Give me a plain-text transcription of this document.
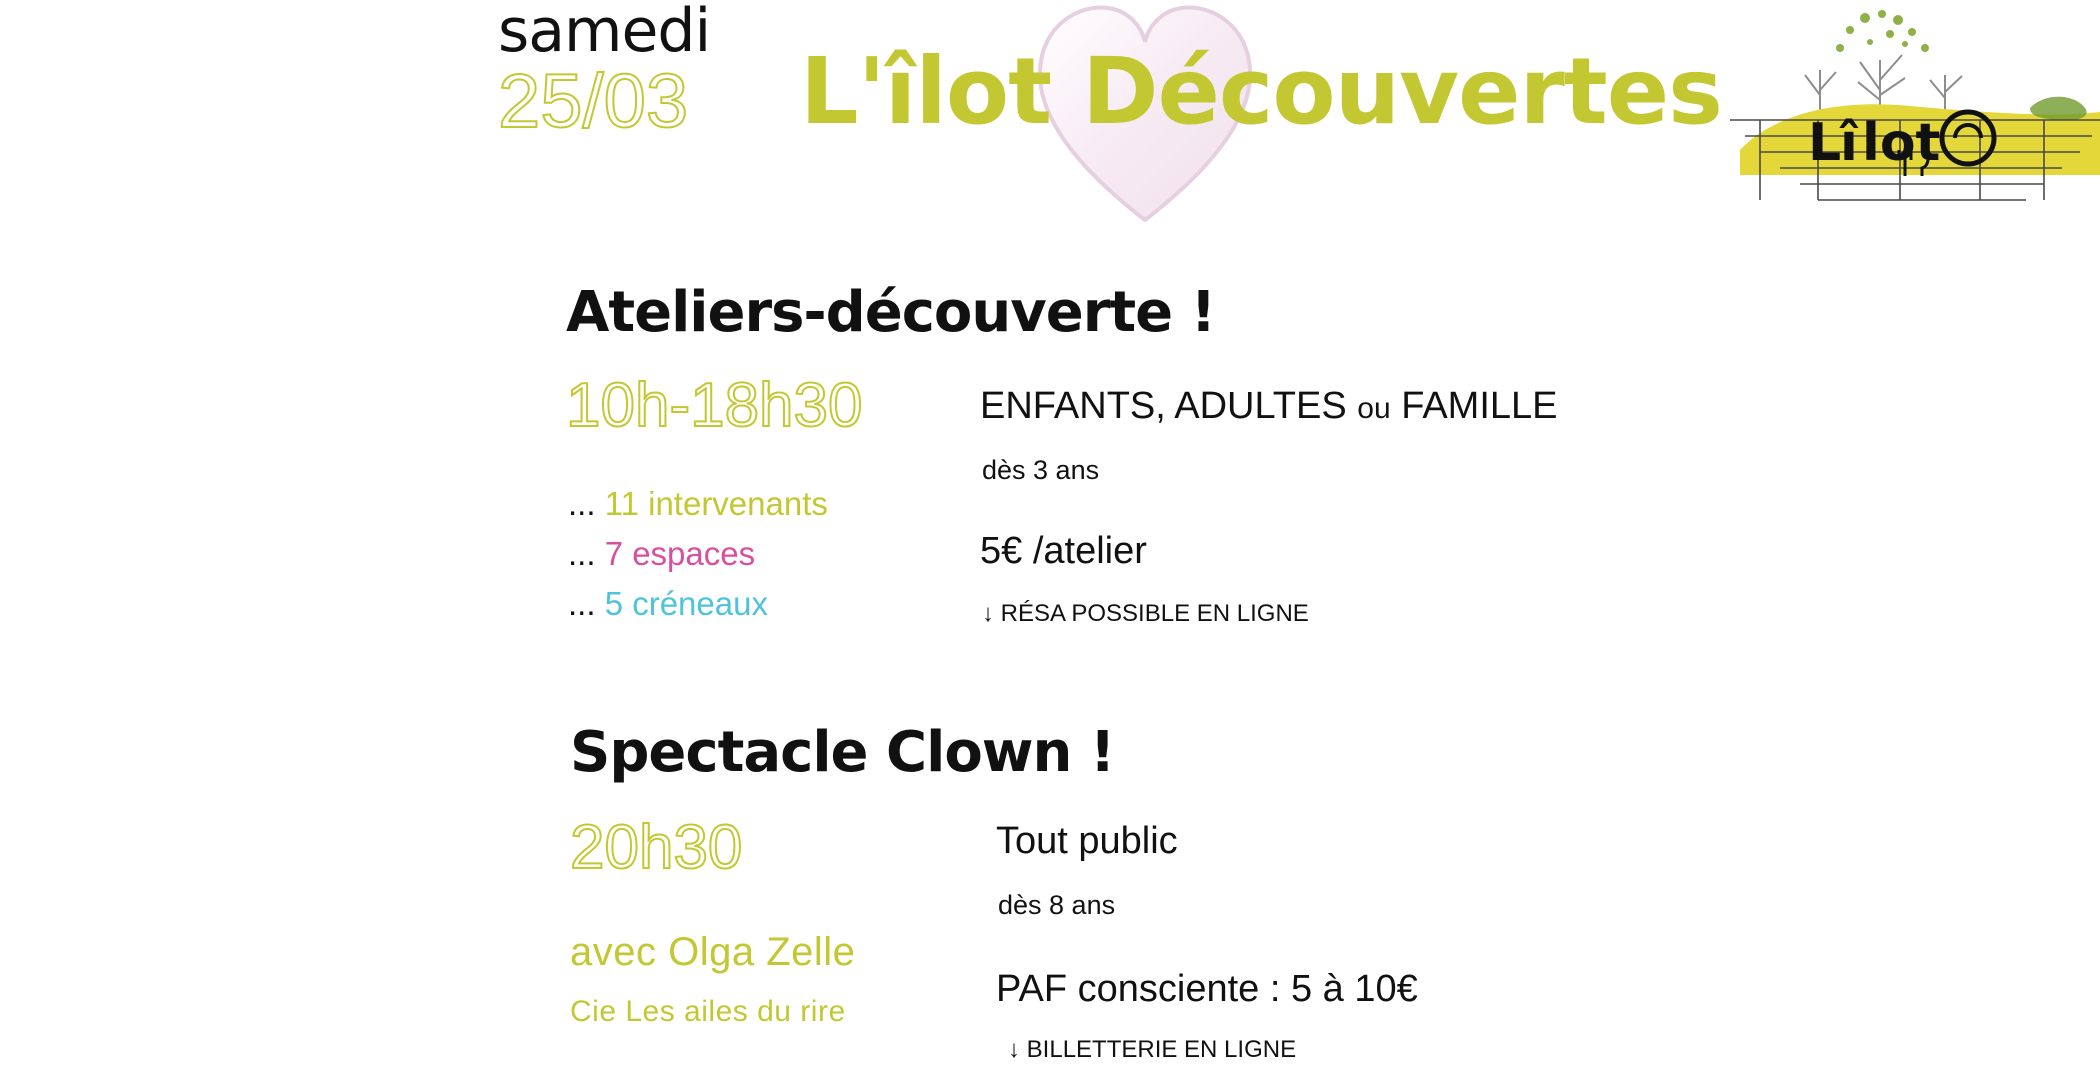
samedi
25/03	L'îlot Découvertes L
î lot
Ateliers-découverte !
10h-18h30
... 11 intervenants
... 7 espaces
... 5 créneaux
ENFANTS, ADULTES ou FAMILLE
dès 3 ans
5€ /atelier
↓ RÉSA POSSIBLE EN LIGNE
Spectacle Clown !
20h30
avec Olga Zelle
Cie Les ailes du rire
Tout public
dès 8 ans
PAF consciente : 5 à 10€
↓ BILLETTERIE EN LIGNE
